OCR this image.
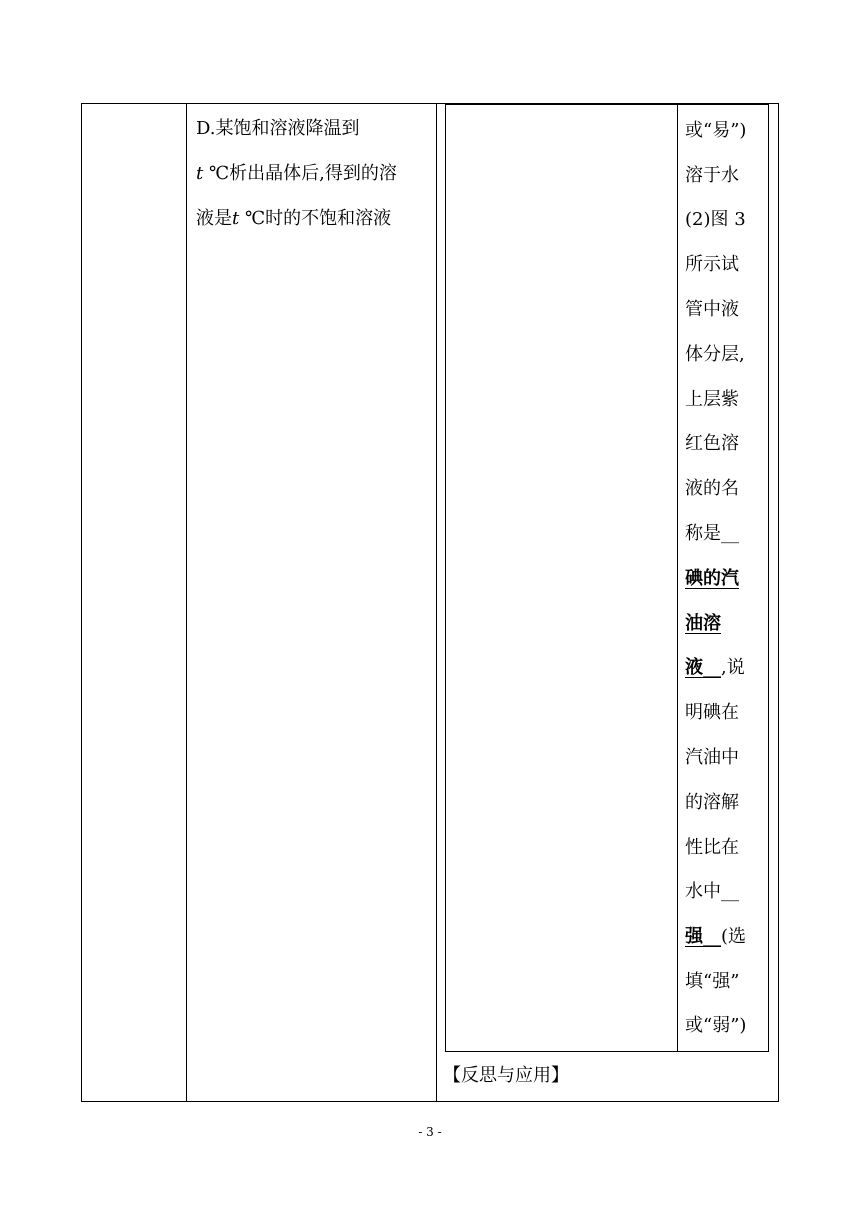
D.某饱和溶液降温到
t ℃析出晶体后,得到的溶
液是t ℃时的不饱和溶液
或“易”)
溶于水
(2)图 3
所示试
管中液
体分层,
上层紫
红色溶
液的名
称是__
碘的汽
油溶
液__,说
明碘在
汽油中
的溶解
性比在
水中__
强__(选
填“强”
或“弱”)
【反思与应用】
- 3 -
